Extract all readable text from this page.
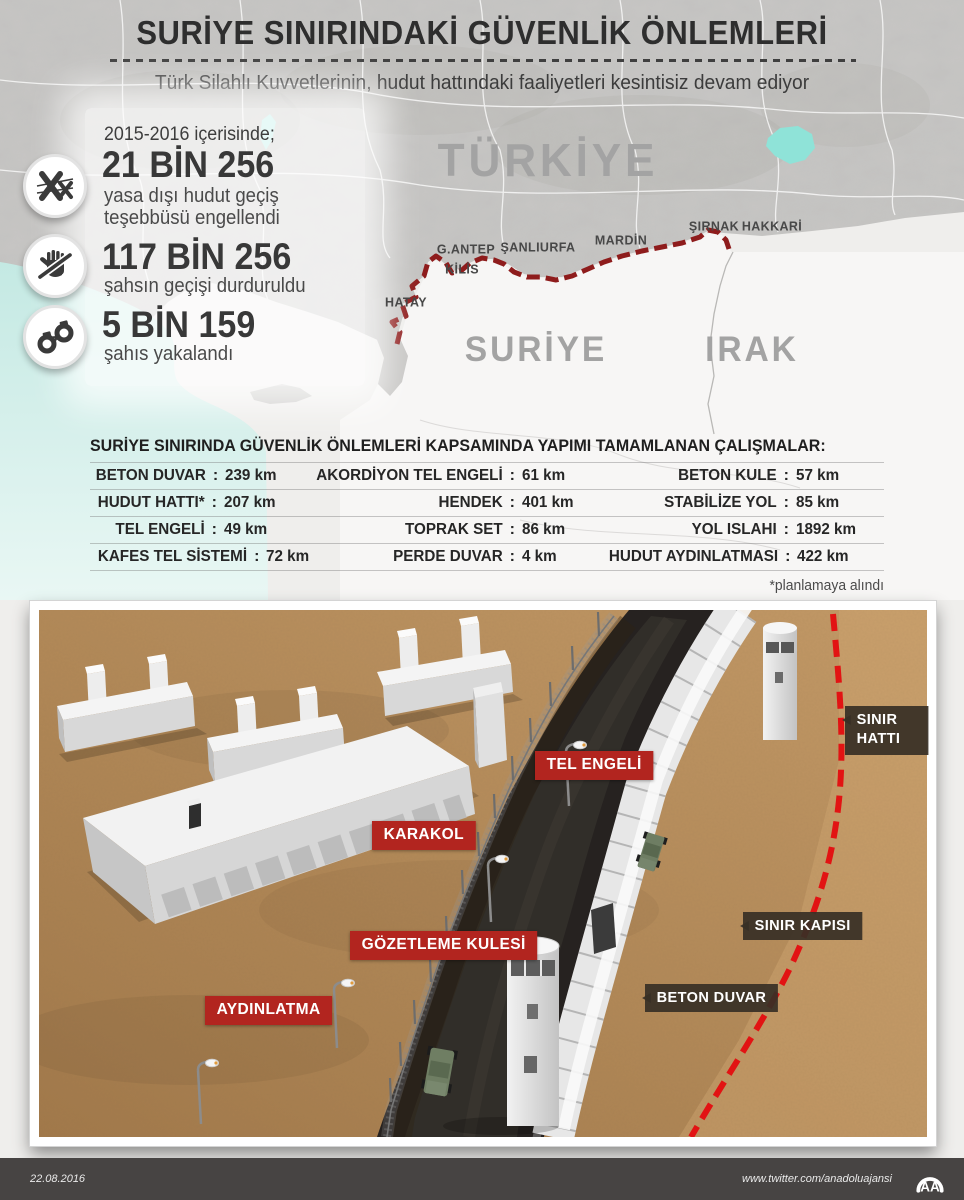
SURİYE SINIRINDAKİ GÜVENLİK ÖNLEMLERİ
Türk Silahlı Kuvvetlerinin, hudut hattındaki faaliyetleri kesintisiz devam ediyor
2015-2016 içerisinde;
21 BİN 256
yasa dışı hudut geçiş teşebbüsü engellendi
117 BİN 256
şahsın geçişi durduruldu
5 BİN 159
şahıs yakalandı
TÜRKİYE
SURİYE	IRAK
HATAY
KİLİS
G.ANTEP ŞANLIURFA MARDİN
ŞIRNAK HAKKARİ
SURİYE SINIRINDA GÜVENLİK ÖNLEMLERİ KAPSAMINDA YAPIMI TAMAMLANAN ÇALIŞMALAR:
BETON DUVAR : 239 km	AKORDİYON TEL ENGELİ : 61 km	BETON KULE : 57 km
HUDUT HATTI* : 207 km	HENDEK : 401 km	STABİLİZE YOL : 85 km
TEL ENGELİ : 49 km	TOPRAK SET : 86 km	YOL ISLAHI : 1892 km
KAFES TEL SİSTEMİ : 72 km	PERDE DUVAR : 4 km	HUDUT AYDINLATMASI : 422 km
*planlamaya alındı
TEL ENGELİ
KARAKOL
GÖZETLEME KULESİ
AYDINLATMA
SINIR HATTI
SINIR KAPISI
BETON DUVAR
22.08.2016	www.twitter.com/anadoluajansi
AA
